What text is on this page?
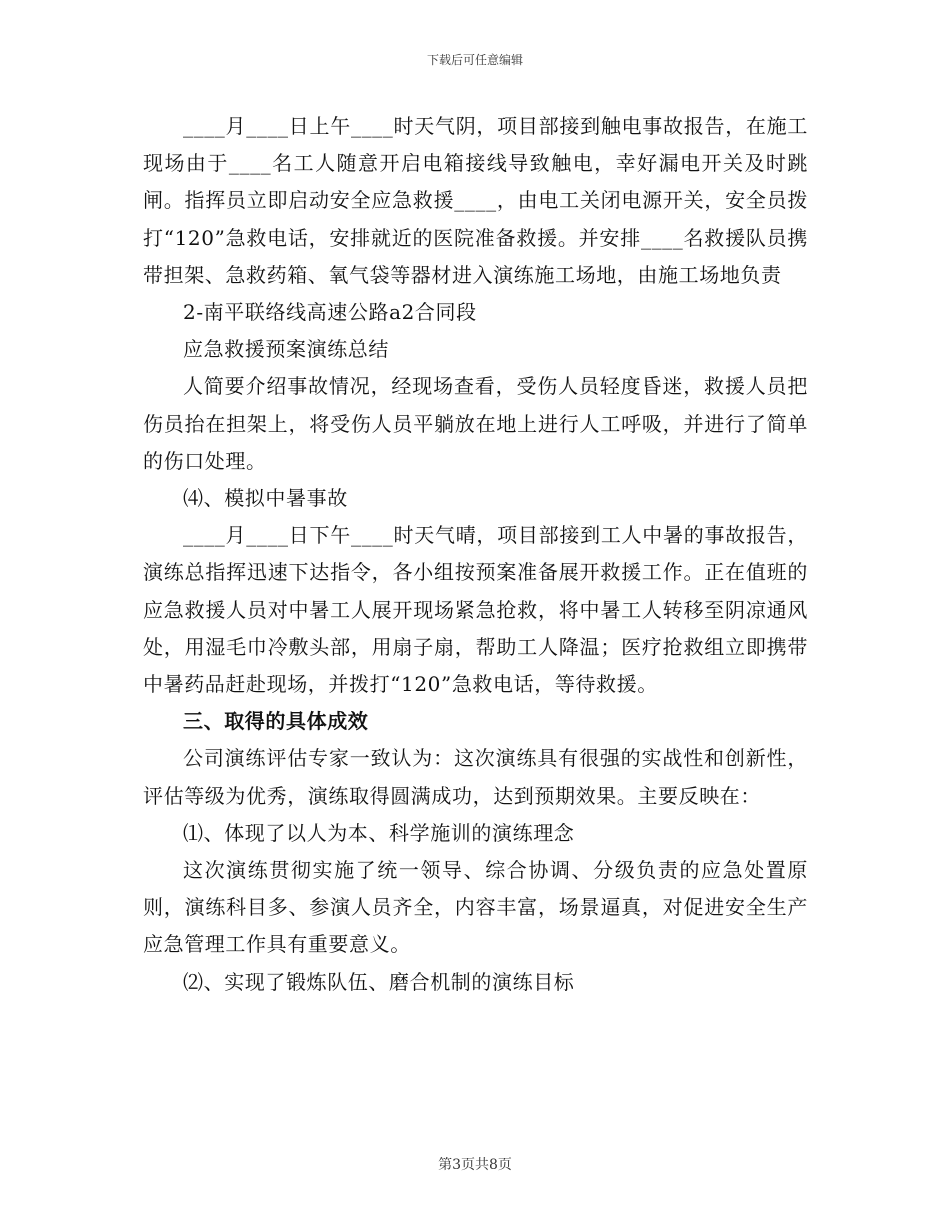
下载后可任意编辑

____月____日上午____时天气阴，项目部接到触电事故报告，在施工现场由于____名工人随意开启电箱接线导致触电，幸好漏电开关及时跳闸。指挥员立即启动安全应急救援____，由电工关闭电源开关，安全员拨打“120”急救电话，安排就近的医院准备救援。并安排____名救援队员携带担架、急救药箱、氧气袋等器材进入演练施工场地，由施工场地负责

2-南平联络线高速公路a2合同段

应急救援预案演练总结

人简要介绍事故情况，经现场查看，受伤人员轻度昏迷，救援人员把伤员抬在担架上，将受伤人员平躺放在地上进行人工呼吸，并进行了简单的伤口处理。

⑷、模拟中暑事故

____月____日下午____时天气晴，项目部接到工人中暑的事故报告，演练总指挥迅速下达指令，各小组按预案准备展开救援工作。正在值班的应急救援人员对中暑工人展开现场紧急抢救，将中暑工人转移至阴凉通风处，用湿毛巾冷敷头部，用扇子扇，帮助工人降温；医疗抢救组立即携带中暑药品赶赴现场，并拨打“120”急救电话，等待救援。

三、取得的具体成效

公司演练评估专家一致认为：这次演练具有很强的实战性和创新性，评估等级为优秀，演练取得圆满成功，达到预期效果。主要反映在：

⑴、体现了以人为本、科学施训的演练理念

这次演练贯彻实施了统一领导、综合协调、分级负责的应急处置原则，演练科目多、参演人员齐全，内容丰富，场景逼真，对促进安全生产应急管理工作具有重要意义。

⑵、实现了锻炼队伍、磨合机制的演练目标

第3页共8页
